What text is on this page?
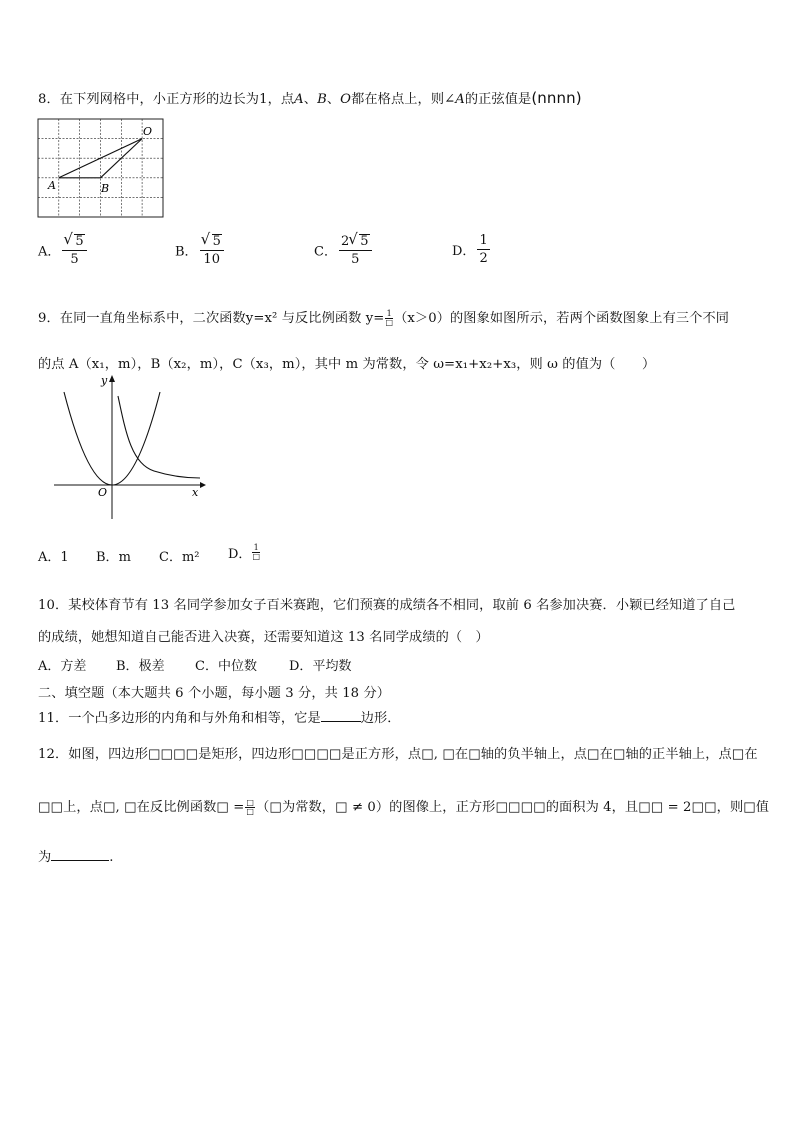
8．在下列网格中，小正方形的边长为1，点A、B、O都在格点上，则∠A的正弦值是(nnnn)
O
A	B
A． √ $\frac{5}{5}$	B． √ $\frac{5}{10}$	C． $\frac{2 √ 5}{5}$	D． $\frac{1}{2}$
9．在同一直角坐标系中，二次函数y=x² 与反比例函数 $y= \frac{1}{□} (x>0)$的图象如图所示，若两个函数图象上有三个不同
的点 A（x₁，m），B（x₂，m），C（x₃，m），其中 m 为常数，令 ω=x₁+x₂+x₃，则 ω 的值为（　　）
y
x
O
A．1 B．m C．m² D． $\frac{1}{□}$
10．某校体育节有 13 名同学参加女子百米赛跑，它们预赛的成绩各不相同，取前 6 名参加决赛．小颖已经知道了自己
的成绩，她想知道自己能否进入决赛，还需要知道这 13 名同学成绩的（　）
A．方差 B．极差 C．中位数 D．平均数
二、填空题（本大题共 6 个小题，每小题 3 分，共 18 分）
11．一个凸多边形的内角和与外角和相等，它是	边形．
12．如图，四边形□□□□是矩形，四边形□□□□是正方形，点□, □在□轴的负半轴上，点□在□轴的正半轴上，点□在
□□上，点□, □在反比例函数□ = $\frac{□}{□}$ （□为常数，□ ≠ 0）的图像上，正方形□□□□的面积为 4，且□□ = 2□□，则□值
为	.
